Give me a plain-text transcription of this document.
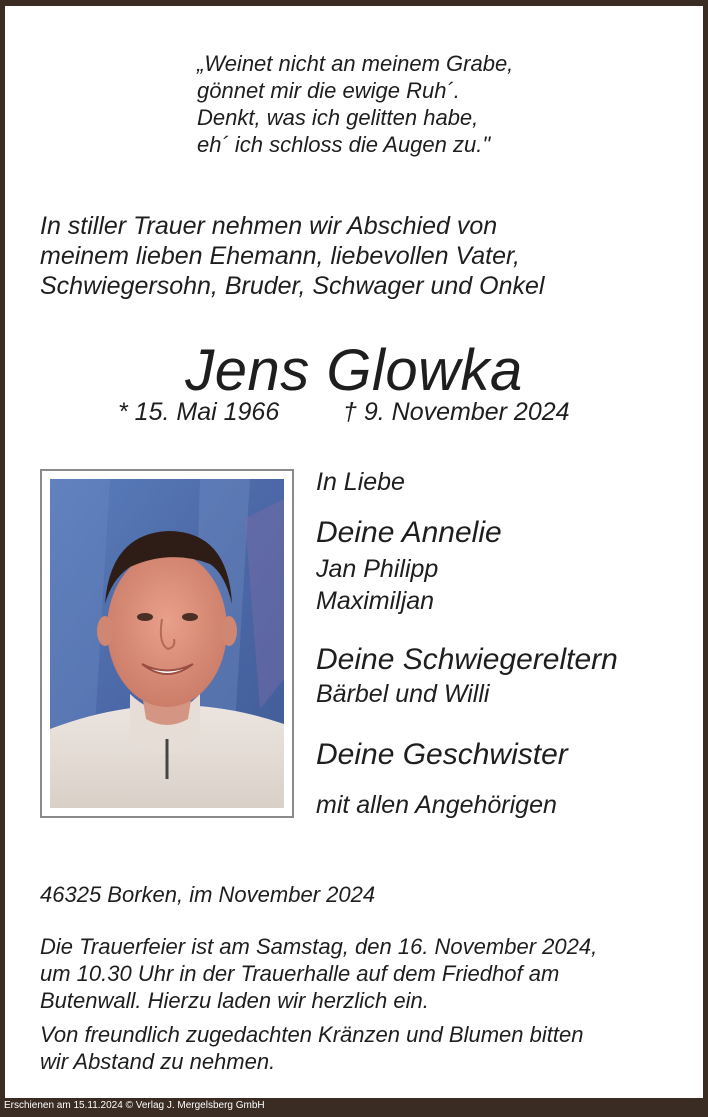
„Weinet nicht an meinem Grabe,
gönnet mir die ewige Ruh´.
Denkt, was ich gelitten habe,
eh´ ich schloss die Augen zu."
In stiller Trauer nehmen wir Abschied von
meinem lieben Ehemann, liebevollen Vater,
Schwiegersohn, Bruder, Schwager und Onkel
Jens Glowka
* 15. Mai 1966	† 9. November 2024
In Liebe
Deine Annelie
Jan Philipp
Maximiljan
Deine Schwiegereltern
Bärbel und Willi
Deine Geschwister
mit allen Angehörigen
46325 Borken, im November 2024
Die Trauerfeier ist am Samstag, den 16. November 2024,
um 10.30 Uhr in der Trauerhalle auf dem Friedhof am
Butenwall. Hierzu laden wir herzlich ein.
Von freundlich zugedachten Kränzen und Blumen bitten
wir Abstand zu nehmen.
Erschienen am 15.11.2024 © Verlag J. Mergelsberg GmbH
